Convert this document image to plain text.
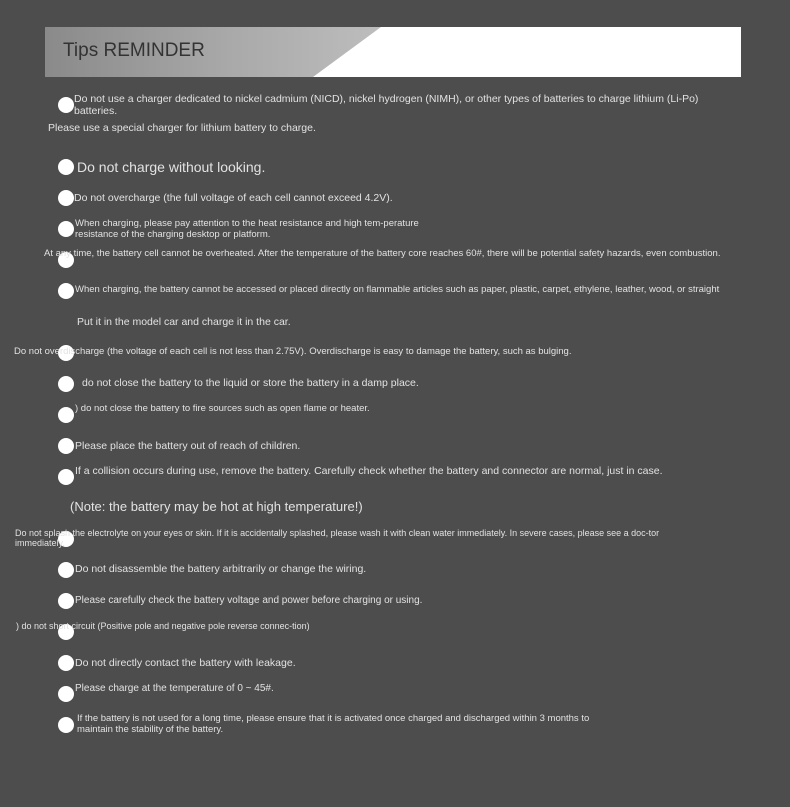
Tips REMINDER
Do not use a charger dedicated to nickel cadmium (NICD), nickel hydrogen (NIMH), or other types of batteries to charge lithium (Li-Po) batteries.
Please use a special charger for lithium battery to charge.
Do not charge without looking.
Do not overcharge (the full voltage of each cell cannot exceed 4.2V).
When charging, please pay attention to the heat resistance and high tem-perature resistance of the charging desktop or platform.
At any time, the battery cell cannot be overheated. After the temperature of the battery core reaches 60#, there will be potential safety hazards, even combustion.
When charging, the battery cannot be accessed or placed directly on flammable articles such as paper, plastic, carpet, ethylene, leather, wood, or straight
Put it in the model car and charge it in the car.
Do not overdischarge (the voltage of each cell is not less than 2.75V). Overdischarge is easy to damage the battery, such as bulging.
do not close the battery to the liquid or store the battery in a damp place.
) do not close the battery to fire sources such as open flame or heater.
Please place the battery out of reach of children.
If a collision occurs during use, remove the battery. Carefully check whether the battery and connector are normal, just in case.
(Note: the battery may be hot at high temperature!)
Do not splash the electrolyte on your eyes or skin. If it is accidentally splashed, please wash it with clean water immediately. In severe cases, please see a doc-tor immediately.
Do not disassemble the battery arbitrarily or change the wiring.
Please carefully check the battery voltage and power before charging or using.
) do not short circuit (Positive pole and negative pole reverse connec-tion)
Do not directly contact the battery with leakage.
Please charge at the temperature of 0 ~ 45#.
If the battery is not used for a long time, please ensure that it is activated once charged and discharged within 3 months to maintain the stability of the battery.
